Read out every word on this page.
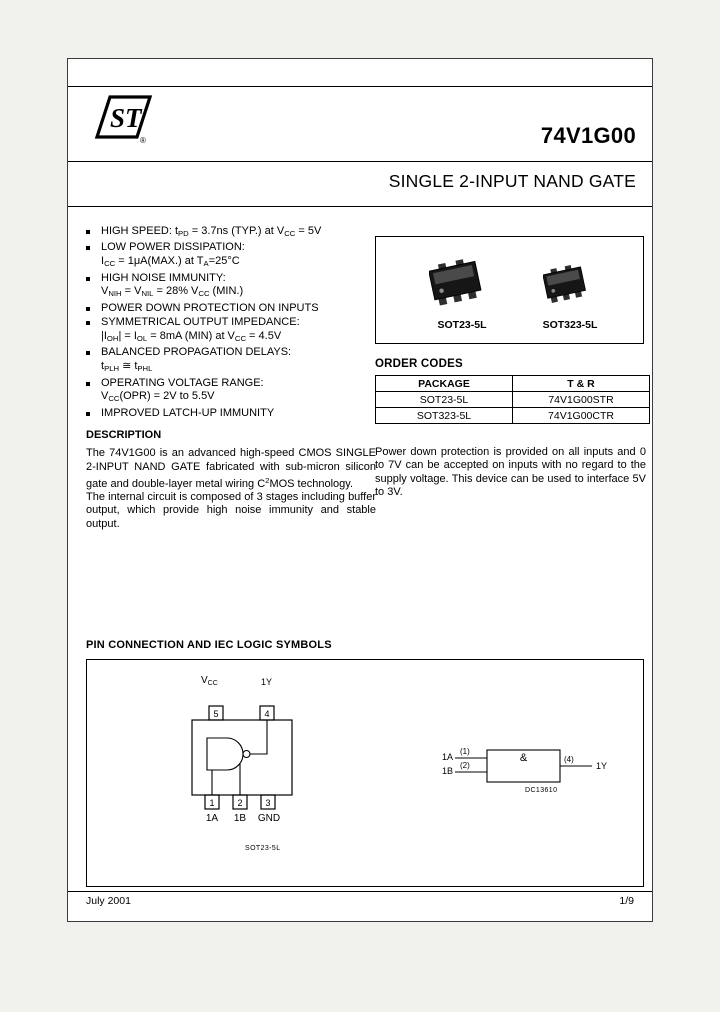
ST
®	74V1G00
SINGLE 2-INPUT NAND GATE
HIGH SPEED: $t_{PD} = 3.7ns$ (TYP.) at $V_{CC} = 5V$
LOW POWER DISSIPATION:
$I_{CC} = 1\mu A(MAX.)$ at $T_A=25^\circ C$
HIGH NOISE IMMUNITY:
$V_{NIH} = V_{NIL} = 28\%$ $V_{CC}$ (MIN.)
POWER DOWN PROTECTION ON INPUTS
SYMMETRICAL OUTPUT IMPEDANCE:
$|I_{OH}| = I_{OL} = 8mA$ (MIN) at $V_{CC} = 4.5V$
BALANCED PROPAGATION DELAYS:
$t_{PLH}$ ≅ $t_{PHL}$
OPERATING VOLTAGE RANGE:
$V_{CC}(OPR) = 2V$ to 5.5V
IMPROVED LATCH-UP IMMUNITY
SOT23-5L	SOT323-5L
ORDER CODES
PACKAGE	T & R
SOT23-5L	74V1G00STR
SOT323-5L	74V1G00CTR
DESCRIPTION

The 74V1G00 is an advanced high-speed CMOS SINGLE 2-INPUT NAND GATE fabricated with sub-micron silicon gate and double-layer metal wiring $C^2MOS$ technology.

The internal circuit is composed of 3 stages including buffer output, which provide high noise immunity and stable output.

Power down protection is provided on all inputs and 0 to 7V can be accepted on inputs with no regard to the supply voltage. This device can be used to interface 5V to 3V.
PIN CONNECTION AND IEC LOGIC SYMBOLS
$V_{CC}$	1Y
5	4
1	2	3
1A	1B	GND
SOT23-5L
1A
(1)
1B
(2)
&	(4)
1Y
DC13610
July 2001	1/9
